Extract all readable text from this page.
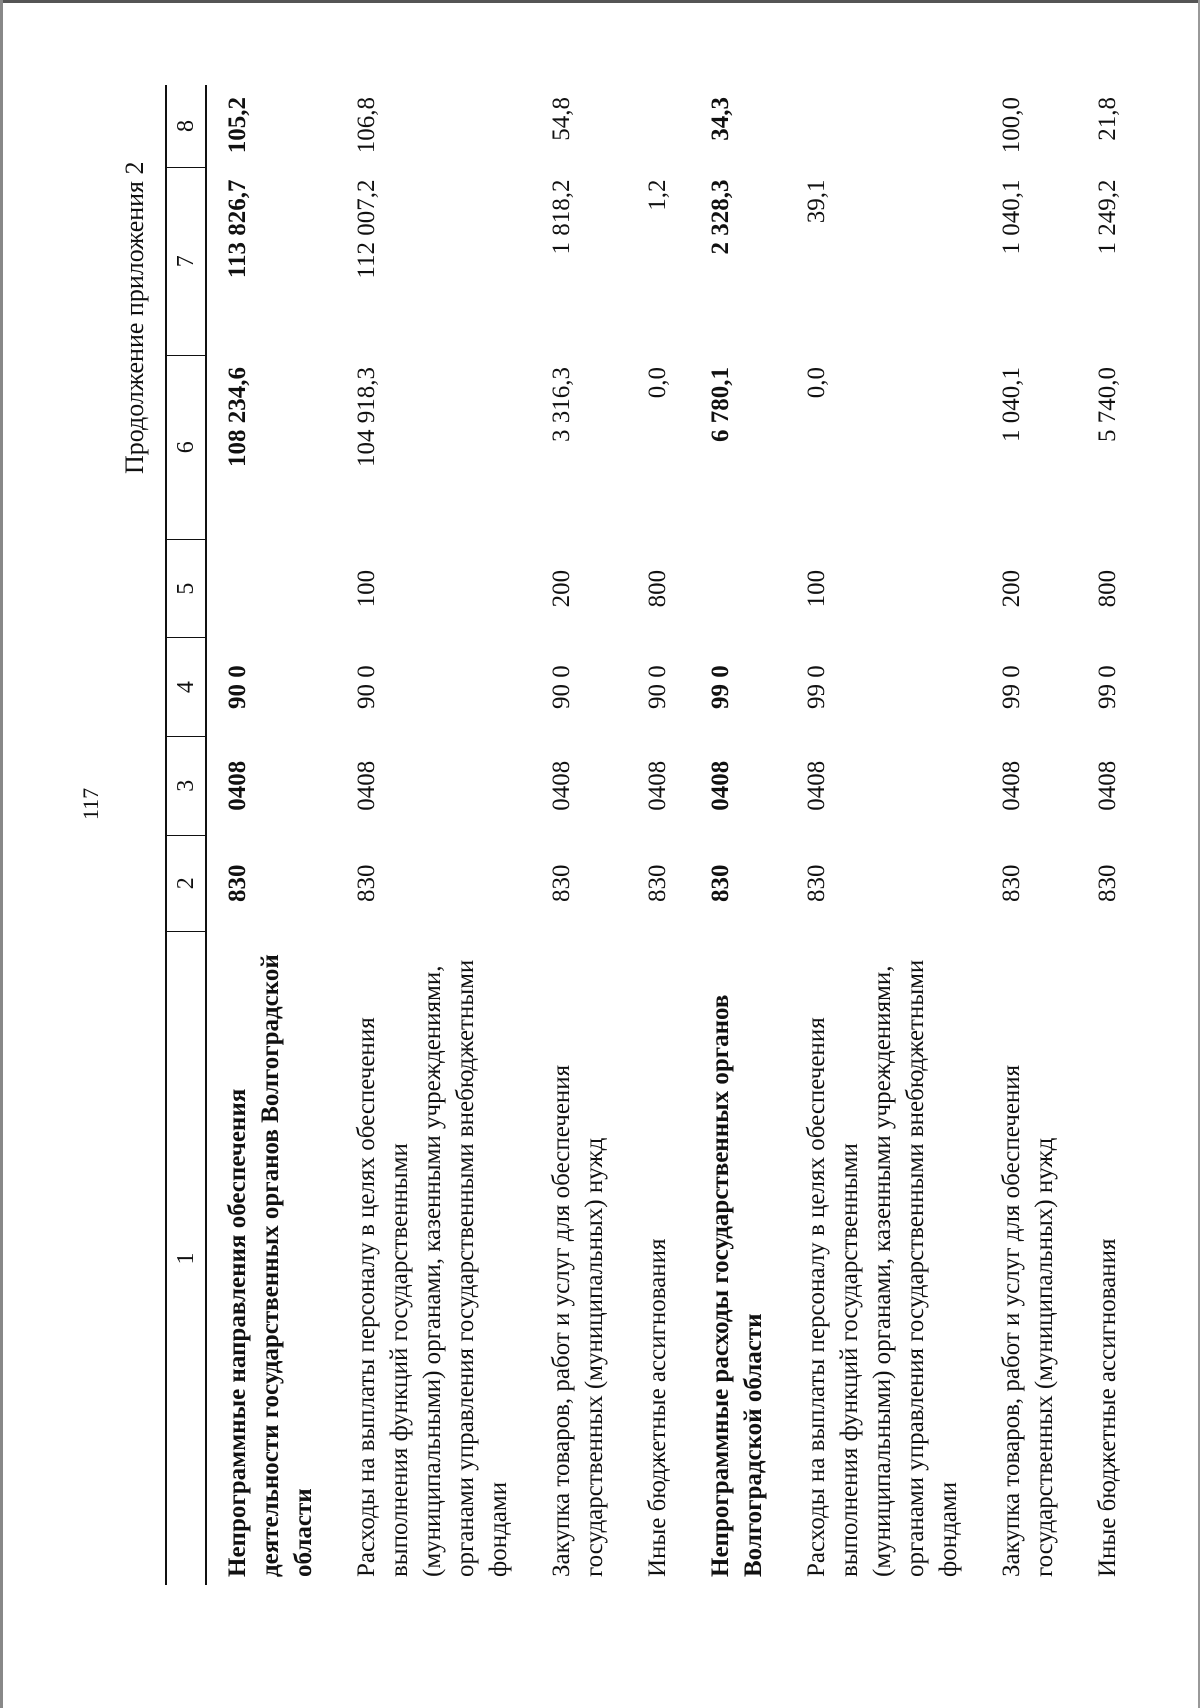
117
Продолжение приложения 2
1	2	3	4	5	6	7	8
Непрограммные направления обеспечения деятельности государственных органов Волгоградской области	830	0408	90 0		108 234,6	113 826,7	105,2
Расходы на выплаты персоналу в целях обеспечения выполнения функций государственными (муниципальными) органами, казенными учреждениями, органами управления государственными внебюджетными фондами	830	0408	90 0	100	104 918,3	112 007,2	106,8
Закупка товаров, работ и услуг для обеспечения государственных (муниципальных) нужд	830	0408	90 0	200	3 316,3	1 818,2	54,8
Иные бюджетные ассигнования	830	0408	90 0	800	0,0	1,2	
Непрограммные расходы государственных органов Волгоградской области	830	0408	99 0		6 780,1	2 328,3	34,3
Расходы на выплаты персоналу в целях обеспечения выполнения функций государственными (муниципальными) органами, казенными учреждениями, органами управления государственными внебюджетными фондами	830	0408	99 0	100	0,0	39,1	
Закупка товаров, работ и услуг для обеспечения государственных (муниципальных) нужд	830	0408	99 0	200	1 040,1	1 040,1	100,0
Иные бюджетные ассигнования	830	0408	99 0	800	5 740,0	1 249,2	21,8
